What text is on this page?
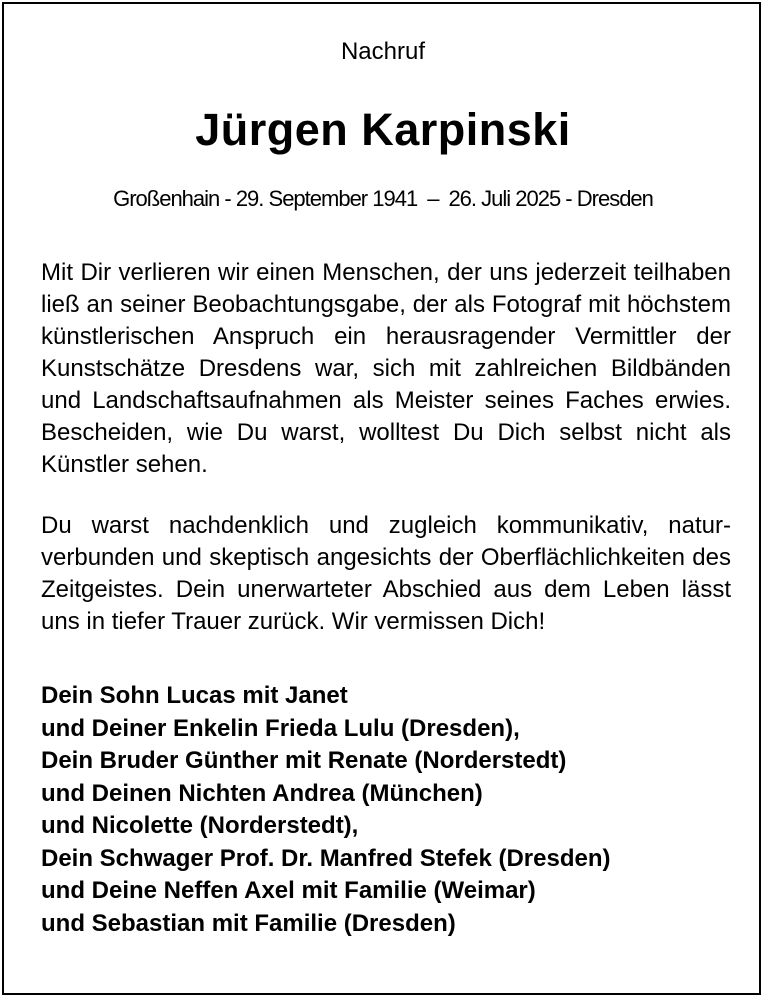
Nachruf
Jürgen Karpinski
Großenhain - 29. September 1941 – 26. Juli 2025 - Dresden

Mit Dir verlieren wir einen Menschen, der uns jederzeit teilhaben ließ an seiner Beobachtungsgabe, der als Fotograf mit höchstem künstlerischen Anspruch ein herausragender Vermittler der Kunstschätze Dresdens war, sich mit zahlreichen Bildbänden und Landschaftsaufnahmen als Meister seines Faches erwies. Bescheiden, wie Du warst, wolltest Du Dich selbst nicht als Künstler sehen.

Du warst nachdenklich und zugleich kommunikativ, naturverbunden und skeptisch angesichts der Oberflächlichkeiten des Zeitgeistes. Dein unerwarteter Abschied aus dem Leben lässt uns in tiefer Trauer zurück. Wir vermissen Dich!

Dein Sohn Lucas mit Janet
und Deiner Enkelin Frieda Lulu (Dresden),
Dein Bruder Günther mit Renate (Norderstedt)
und Deinen Nichten Andrea (München)
und Nicolette (Norderstedt),
Dein Schwager Prof. Dr. Manfred Stefek (Dresden)
und Deine Neffen Axel mit Familie (Weimar)
und Sebastian mit Familie (Dresden)
